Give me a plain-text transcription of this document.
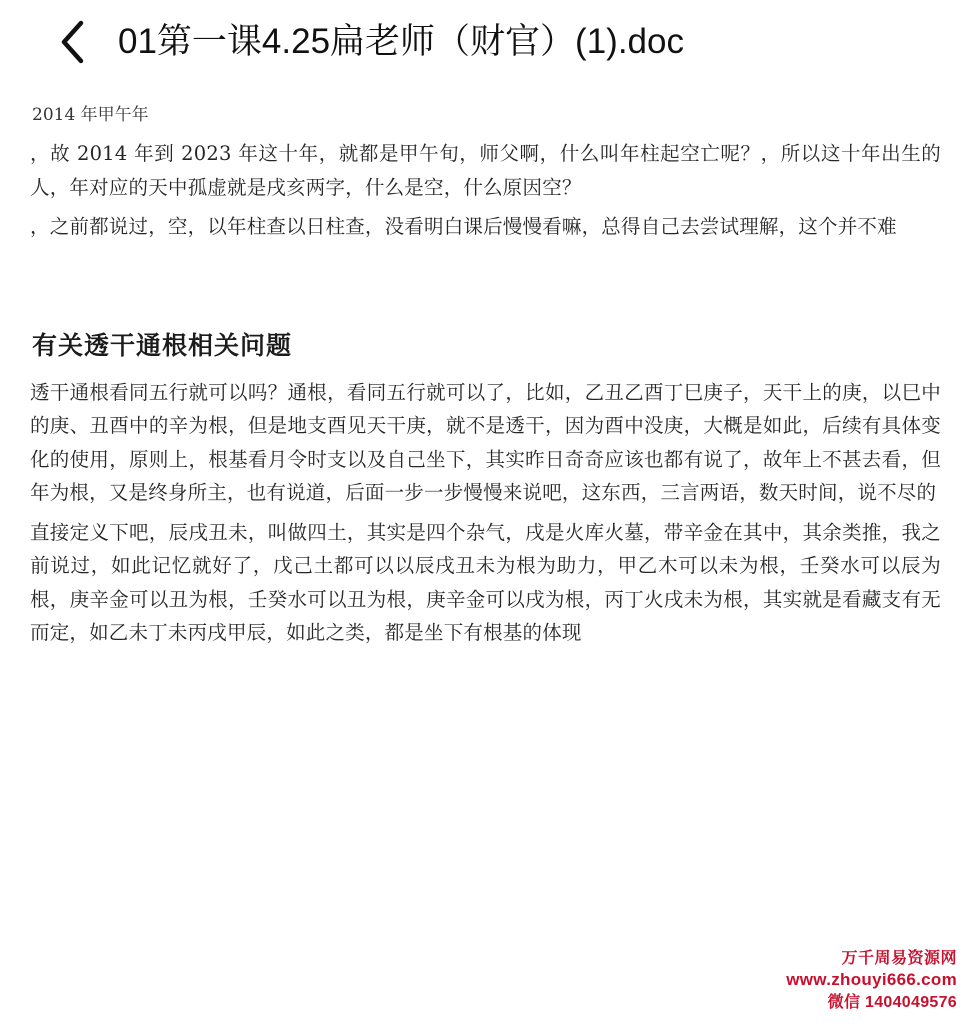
01第一课4.25扁老师（财官）(1).doc
2014 年甲午年

，故 2014 年到 2023 年这十年，就都是甲午旬，师父啊，什么叫年柱起空亡呢？，所以这十年出生的人，年对应的天中孤虚就是戌亥两字，什么是空，什么原因空？

，之前都说过，空，以年柱查以日柱查，没看明白课后慢慢看嘛，总得自己去尝试理解，这个并不难

有关透干通根相关问题

透干通根看同五行就可以吗？通根，看同五行就可以了，比如，乙丑乙酉丁巳庚子，天干上的庚，以巳中的庚、丑酉中的辛为根，但是地支酉见天干庚，就不是透干，因为酉中没庚，大概是如此，后续有具体变化的使用，原则上，根基看月令时支以及自己坐下，其实昨日奇奇应该也都有说了，故年上不甚去看，但年为根，又是终身所主，也有说道，后面一步一步慢慢来说吧，这东西，三言两语，数天时间，说不尽的

直接定义下吧，辰戌丑未，叫做四土，其实是四个杂气，戌是火库火墓，带辛金在其中，其余类推，我之前说过，如此记忆就好了，戊己土都可以以辰戌丑未为根为助力，甲乙木可以未为根，壬癸水可以辰为根，庚辛金可以丑为根，壬癸水可以丑为根，庚辛金可以戌为根，丙丁火戌未为根，其实就是看藏支有无而定，如乙未丁未丙戌甲辰，如此之类，都是坐下有根基的体现

万千周易资源网
www.zhouyi666.com
微信 1404049576
